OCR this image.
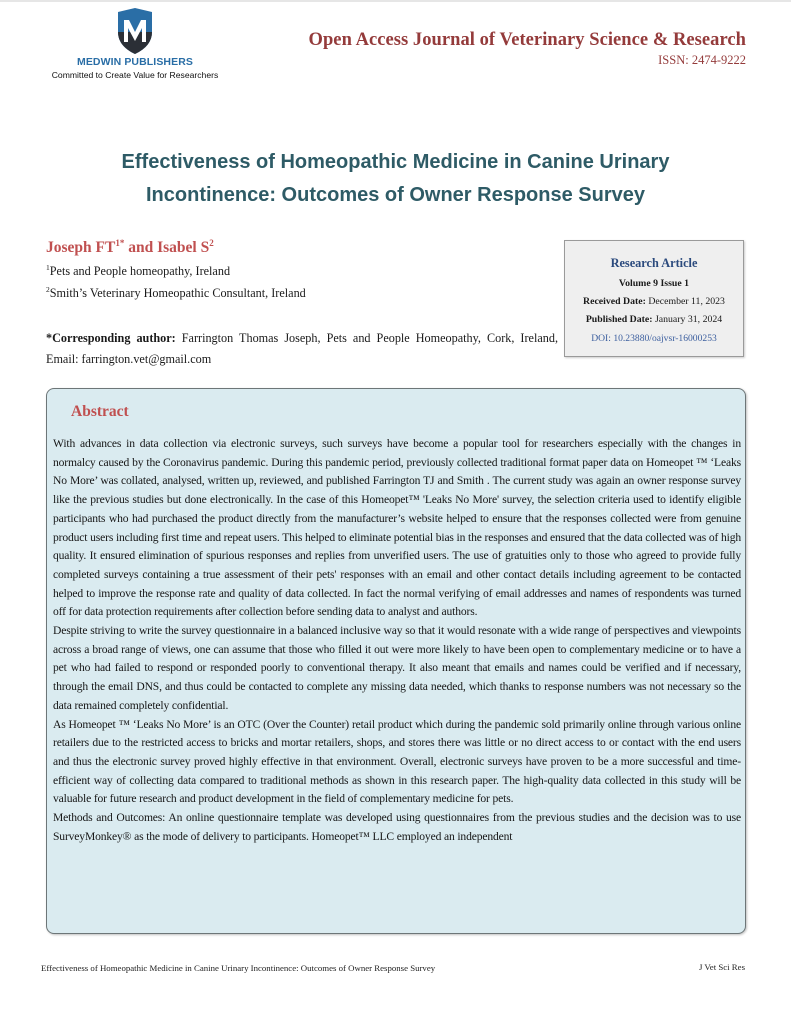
MEDWIN PUBLISHERS
Committed to Create Value for Researchers
Open Access Journal of Veterinary Science & Research
ISSN: 2474-9222
Effectiveness of Homeopathic Medicine in Canine Urinary Incontinence: Outcomes of Owner Response Survey
Joseph $FT^{1*}$ and Isabel $S^2$
$^1$Pets and People homeopathy, Ireland
$^2$Smith’s Veterinary Homeopathic Consultant, Ireland
*Corresponding author: Farrington Thomas Joseph, Pets and People Homeopathy, Cork, Ireland, Email: farrington.vet@gmail.com
Research Article
Volume 9 Issue 1
Received Date: December 11, 2023
Published Date: January 31, 2024
DOI: 10.23880/oajvsr-16000253
Abstract

With advances in data collection via electronic surveys, such surveys have become a popular tool for researchers especially with the changes in normalcy caused by the Coronavirus pandemic. During this pandemic period, previously collected traditional format paper data on Homeopet ™ ‘Leaks No More’ was collated, analysed, written up, reviewed, and published Farrington TJ and Smith . The current study was again an owner response survey like the previous studies but done electronically. In the case of this Homeopet™ 'Leaks No More' survey, the selection criteria used to identify eligible participants who had purchased the product directly from the manufacturer’s website helped to ensure that the responses collected were from genuine product users including first time and repeat users. This helped to eliminate potential bias in the responses and ensured that the data collected was of high quality. It ensured elimination of spurious responses and replies from unverified users. The use of gratuities only to those who agreed to provide fully completed surveys containing a true assessment of their pets' responses with an email and other contact details including agreement to be contacted helped to improve the response rate and quality of data collected. In fact the normal verifying of email addresses and names of respondents was turned off for data protection requirements after collection before sending data to analyst and authors.

Despite striving to write the survey questionnaire in a balanced inclusive way so that it would resonate with a wide range of perspectives and viewpoints across a broad range of views, one can assume that those who filled it out were more likely to have been open to complementary medicine or to have a pet who had failed to respond or responded poorly to conventional therapy. It also meant that emails and names could be verified and if necessary, through the email DNS, and thus could be contacted to complete any missing data needed, which thanks to response numbers was not necessary so the data remained completely confidential.

As Homeopet ™ ‘Leaks No More’ is an OTC (Over the Counter) retail product which during the pandemic sold primarily online through various online retailers due to the restricted access to bricks and mortar retailers, shops, and stores there was little or no direct access to or contact with the end users and thus the electronic survey proved highly effective in that environment. Overall, electronic surveys have proven to be a more successful and time-efficient way of collecting data compared to traditional methods as shown in this research paper. The high-quality data collected in this study will be valuable for future research and product development in the field of complementary medicine for pets.

Methods and Outcomes: An online questionnaire template was developed using questionnaires from the previous studies and the decision was to use SurveyMonkey® as the mode of delivery to participants. Homeopet™ LLC employed an independent

Effectiveness of Homeopathic Medicine in Canine Urinary Incontinence: Outcomes of Owner Response Survey	J Vet Sci Res
